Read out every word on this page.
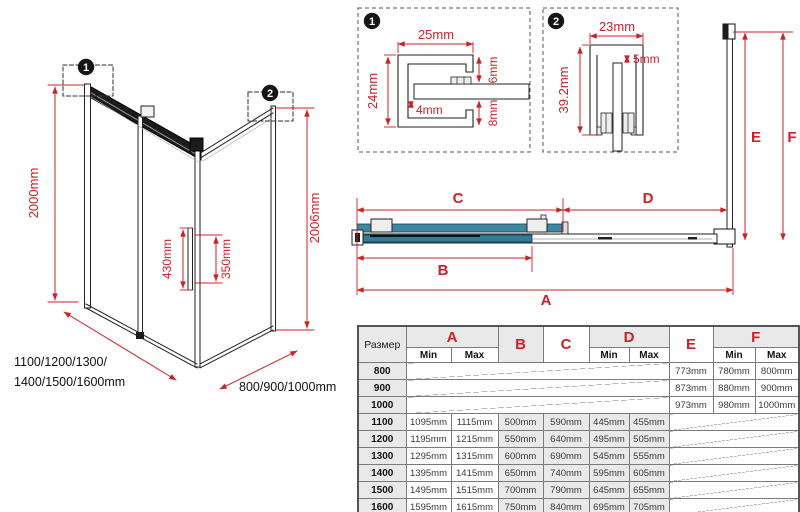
1
2
2000mm	2006mm
430mm	350mm
1100/1200/1300/
1400/1500/1600mm	800/900/1000mm
1
25mm
24mm
4mm
6mm
8mm
2	23mm
39.2mm
5mm
C	D
B
A
E F
Размер	A		B	C	D		E	F	
	Min	Max			Min	Max		Min	Max
800							773mm	780mm	800mm
900							873mm	880mm	900mm
1000							973mm	980mm	1000mm
1100	1095mm	1115mm	500mm	590mm	445mm	455mm			
1200	1195mm	1215mm	550mm	640mm	495mm	505mm			
1300	1295mm	1315mm	600mm	690mm	545mm	555mm			
1400	1395mm	1415mm	650mm	740mm	595mm	605mm			
1500	1495mm	1515mm	700mm	790mm	645mm	655mm			
1600	1595mm	1615mm	750mm	840mm	695mm	705mm			
